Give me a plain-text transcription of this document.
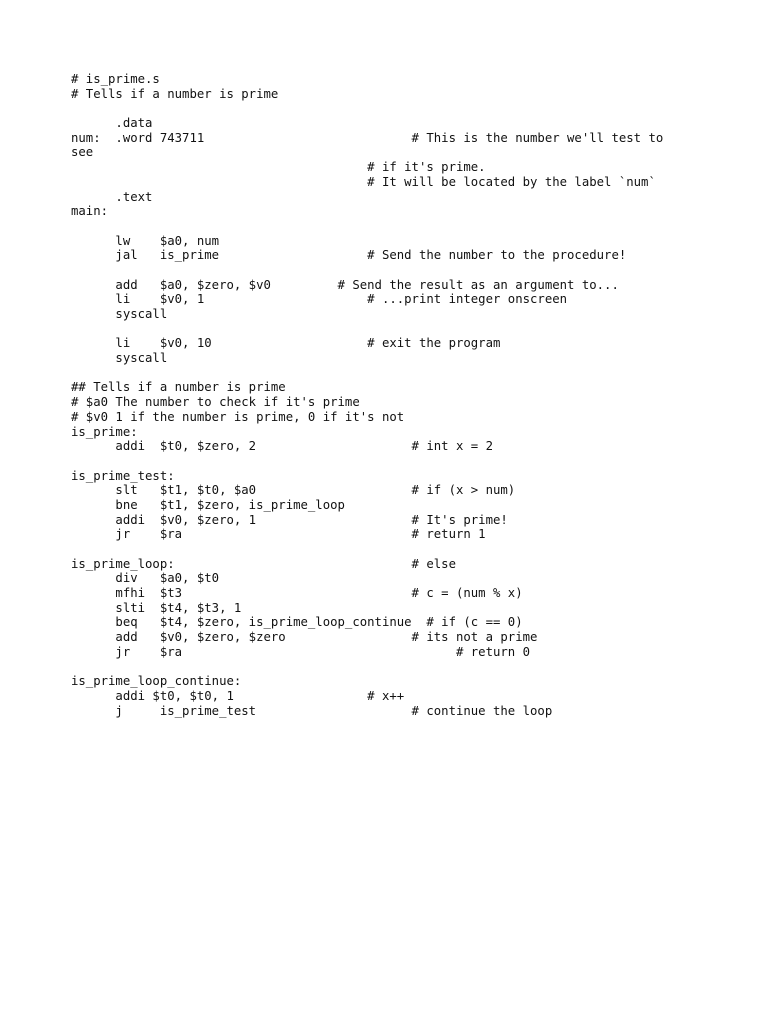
# is_prime.s
# Tells if a number is prime
.data
num:  .word 743711                            # This is the number we'll test to
see
# if it's prime.
# It will be located by the label `num`
.text
main:
lw    $a0, num
jal   is_prime                    # Send the number to the procedure!
add   $a0, $zero, $v0         # Send the result as an argument to...
li    $v0, 1                      # ...print integer onscreen
syscall
li    $v0, 10                     # exit the program
syscall
## Tells if a number is prime
# $a0 The number to check if it's prime
# $v0 1 if the number is prime, 0 if it's not
is_prime:
addi  $t0, $zero, 2                     # int x = 2
is_prime_test:
slt   $t1, $t0, $a0                     # if (x > num)
bne   $t1, $zero, is_prime_loop
addi  $v0, $zero, 1                     # It's prime!
jr    $ra                               # return 1
is_prime_loop:                                # else
div   $a0, $t0
mfhi  $t3                               # c = (num % x)
slti  $t4, $t3, 1
beq   $t4, $zero, is_prime_loop_continue  # if (c == 0)
add   $v0, $zero, $zero                 # its not a prime
jr    $ra                                     # return 0
is_prime_loop_continue:
addi $t0, $t0, 1                  # x++
j     is_prime_test                     # continue the loop
